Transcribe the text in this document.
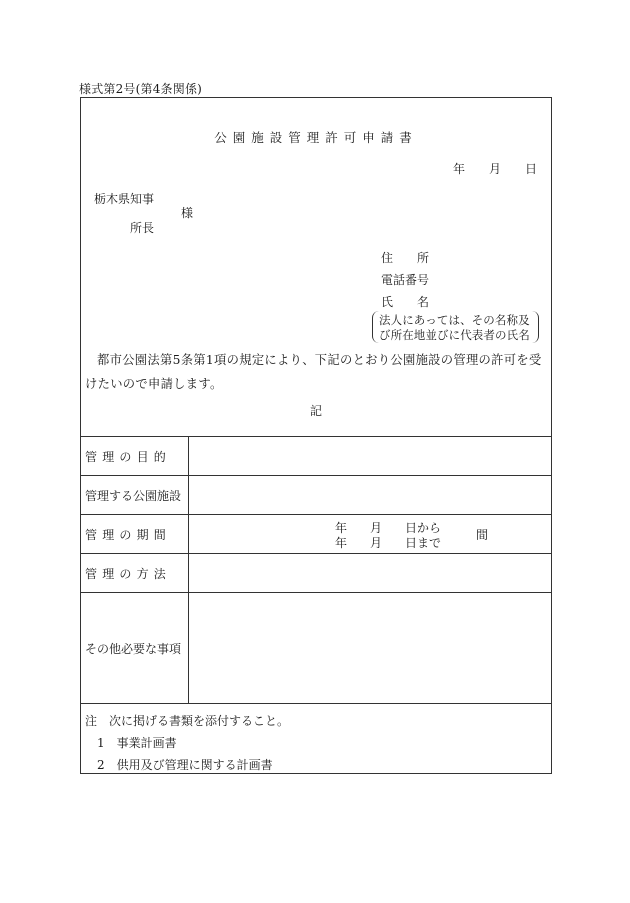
様式第2号(第4条関係)
公園施設管理許可申請書
年 月 日
栃木県知事
様
所長
住　　所
電話番号
氏　　名
法人にあっては、その名称及
び所在地並びに代表者の氏名
都市公園法第5条第1項の規定により、下記のとおり公園施設の管理の許可を受けたいので申請します。
記
管理の目的
管理する公園施設
管理の期間
管理の方法
その他必要な事項
年 月 日から
年 月 日まで
間
注　次に掲げる書類を添付すること。
1　事業計画書
2　供用及び管理に関する計画書
